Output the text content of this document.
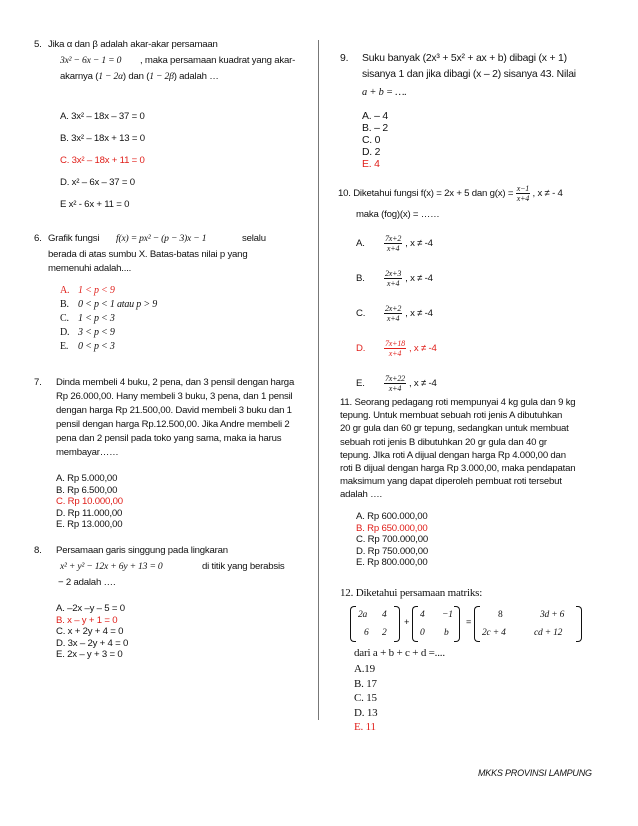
5. Jika α dan β adalah akar-akar persamaan
3x² − 6x − 1 = 0 , maka persamaan kuadrat yang akar-
akarnya (1 − 2α) dan (1 − 2β) adalah …
A. 3x² – 18x – 37 = 0
B. 3x² – 18x + 13 = 0
C. 3x² – 18x + 11 = 0
D. x² – 6x – 37 = 0
E x² - 6x + 11 = 0
6. Grafik fungsi f(x) = px² − (p − 3)x − 1	selalu
berada di atas sumbu X. Batas-batas nilai p yang
memenuhi adalah....
A. 1 < p < 9
B. 0 < p < 1 atau p > 9
C. 1 < p < 3
D. 3 < p < 9
E. 0 < p < 3
7. Dinda membeli 4 buku, 2 pena, dan 3 pensil dengan harga
Rp 26.000,00. Hany membeli 3 buku, 3 pena, dan 1 pensil
dengan harga Rp 21.500,00. David membeli 3 buku dan 1
pensil dengan harga Rp.12.500,00. Jika Andre membeli 2
pena dan 2 pensil pada toko yang sama, maka ia harus
membayar……
A. Rp 5.000,00
B. Rp 6.500,00
C. Rp 10.000,00
D. Rp 11.000,00
E. Rp 13.000,00
8. Persamaan garis singgung pada lingkaran
x² + y² − 12x + 6y + 13 = 0	di titik yang berabsis
− 2 adalah ….
A. –2x –y – 5 = 0
B. x – y + 1 = 0
C. x + 2y + 4 = 0
D. 3x – 2y + 4 = 0
E. 2x – y + 3 = 0
9. Suku banyak (2x³ + 5x² + ax + b) dibagi (x + 1)
sisanya 1 dan jika dibagi (x – 2) sisanya 43. Nilai
a + b = ….
A. – 4
B. – 2
C. 0
D. 2
E. 4
10. Diketahui fungsi f(x) = 2x + 5 dan $g(x) = \frac{x-1}{x+4}$ , x ≠ - 4
maka (fog)(x) = ……
A.	$\frac{7x+2}{x+4}$ , x ≠ -4
B.	$\frac{2x+3}{x+4}$ , x ≠ -4
C.	$\frac{2x+2}{x+4}$ , x ≠ -4
D.	$\frac{7x+18}{x+4}$ , x ≠ -4
E.	$\frac{7x+22}{x+4}$ , x ≠ -4
11. Seorang pedagang roti mempunyai 4 kg gula dan 9 kg
tepung. Untuk membuat sebuah roti jenis A dibutuhkan
20 gr gula dan 60 gr tepung, sedangkan untuk membuat
sebuah roti jenis B dibutuhkan 20 gr gula dan 40 gr
tepung. JIka roti A dijual dengan harga Rp 4.000,00 dan
roti B dijual dengan harga Rp 3.000,00, maka pendapatan
maksimum yang dapat diperoleh pembuat roti tersebut
adalah ….
A. Rp 600.000,00
B. Rp 650.000,00
C. Rp 700.000,00
D. Rp 750.000,00
E. Rp 800.000,00
12. Diketahui persamaan matriks:
2a 4
6 2
+
4 −1
0 b
=
8	3d + 6
2c + 4	cd + 12
dari a + b + c + d =....
A.19
B. 17
C. 15
D. 13
E. 11
MKKS PROVINSI LAMPUNG
